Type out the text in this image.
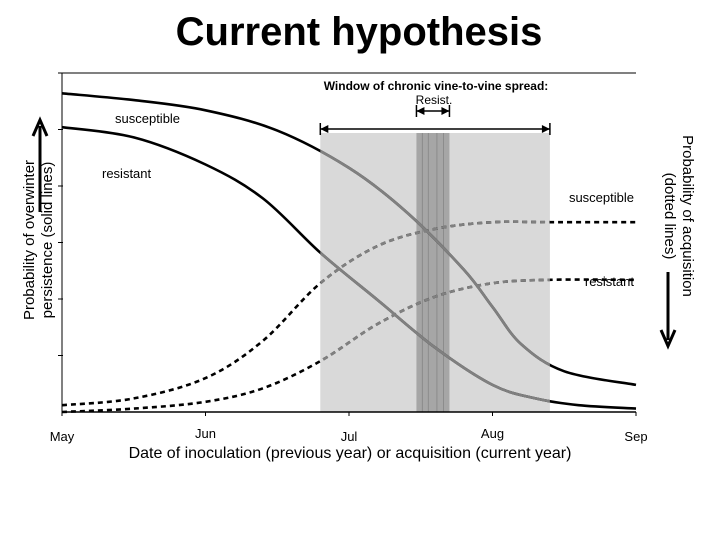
Current hypothesis
May	Jun	Jul	Aug	Sep
Window of chronic vine-to-vine spread:
Resist.
Suscept.
susceptible
resistant
susceptible
resistant
Date of inoculation (previous year) or acquisition (current year)
Probability of overwinter persistence (solid lines)	Probability of acquisition
(dotted lines)
